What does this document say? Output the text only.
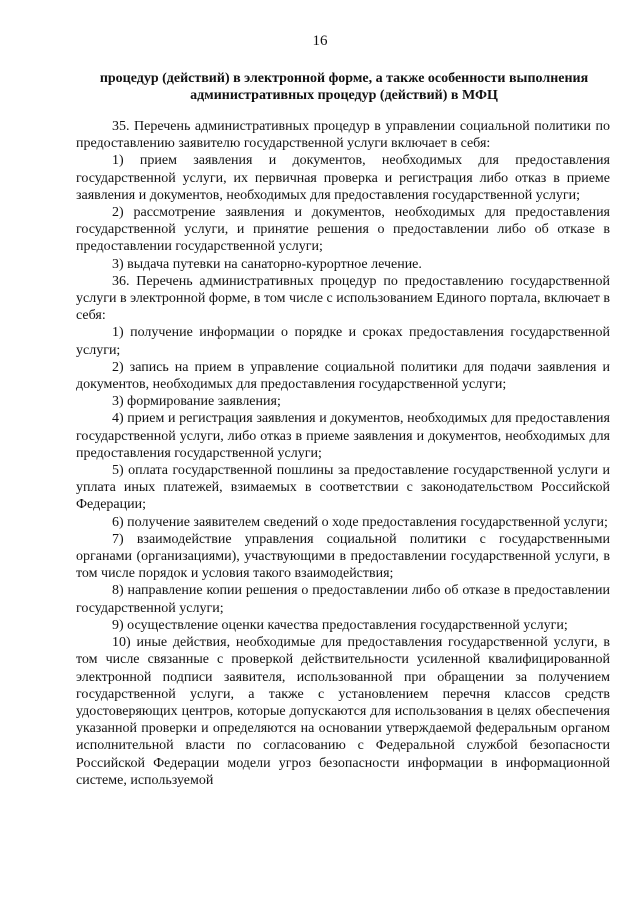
16
процедур (действий) в электронной форме, а также особенности выполнения
административных процедур (действий) в МФЦ

35. Перечень административных процедур в управлении социальной политики по предоставлению заявителю государственной услуги включает в себя:

1) прием заявления и документов, необходимых для предоставления государственной услуги, их первичная проверка и регистрация либо отказ в приеме заявления и документов, необходимых для предоставления государственной услуги;

2) рассмотрение заявления и документов, необходимых для предоставления государственной услуги, и принятие решения о предоставлении либо об отказе в предоставлении государственной услуги;

3) выдача путевки на санаторно-курортное лечение.

36. Перечень административных процедур по предоставлению государственной услуги в электронной форме, в том числе с использованием Единого портала, включает в себя:

1) получение информации о порядке и сроках предоставления государственной услуги;

2) запись на прием в управление социальной политики для подачи заявления и документов, необходимых для предоставления государственной услуги;

3) формирование заявления;

4) прием и регистрация заявления и документов, необходимых для предоставления государственной услуги, либо отказ в приеме заявления и документов, необходимых для предоставления государственной услуги;

5) оплата государственной пошлины за предоставление государственной услуги и уплата иных платежей, взимаемых в соответствии с законодательством Российской Федерации;

6) получение заявителем сведений о ходе предоставления государственной услуги;

7) взаимодействие управления социальной политики с государственными органами (организациями), участвующими в предоставлении государственной услуги, в том числе порядок и условия такого взаимодействия;

8) направление копии решения о предоставлении либо об отказе в предоставлении государственной услуги;

9) осуществление оценки качества предоставления государственной услуги;

10) иные действия, необходимые для предоставления государственной услуги, в том числе связанные с проверкой действительности усиленной квалифицированной электронной подписи заявителя, использованной при обращении за получением государственной услуги, а также с установлением перечня классов средств удостоверяющих центров, которые допускаются для использования в целях обеспечения указанной проверки и определяются на основании утверждаемой федеральным органом исполнительной власти по согласованию с Федеральной службой безопасности Российской Федерации модели угроз безопасности информации в информационной системе, используемой
